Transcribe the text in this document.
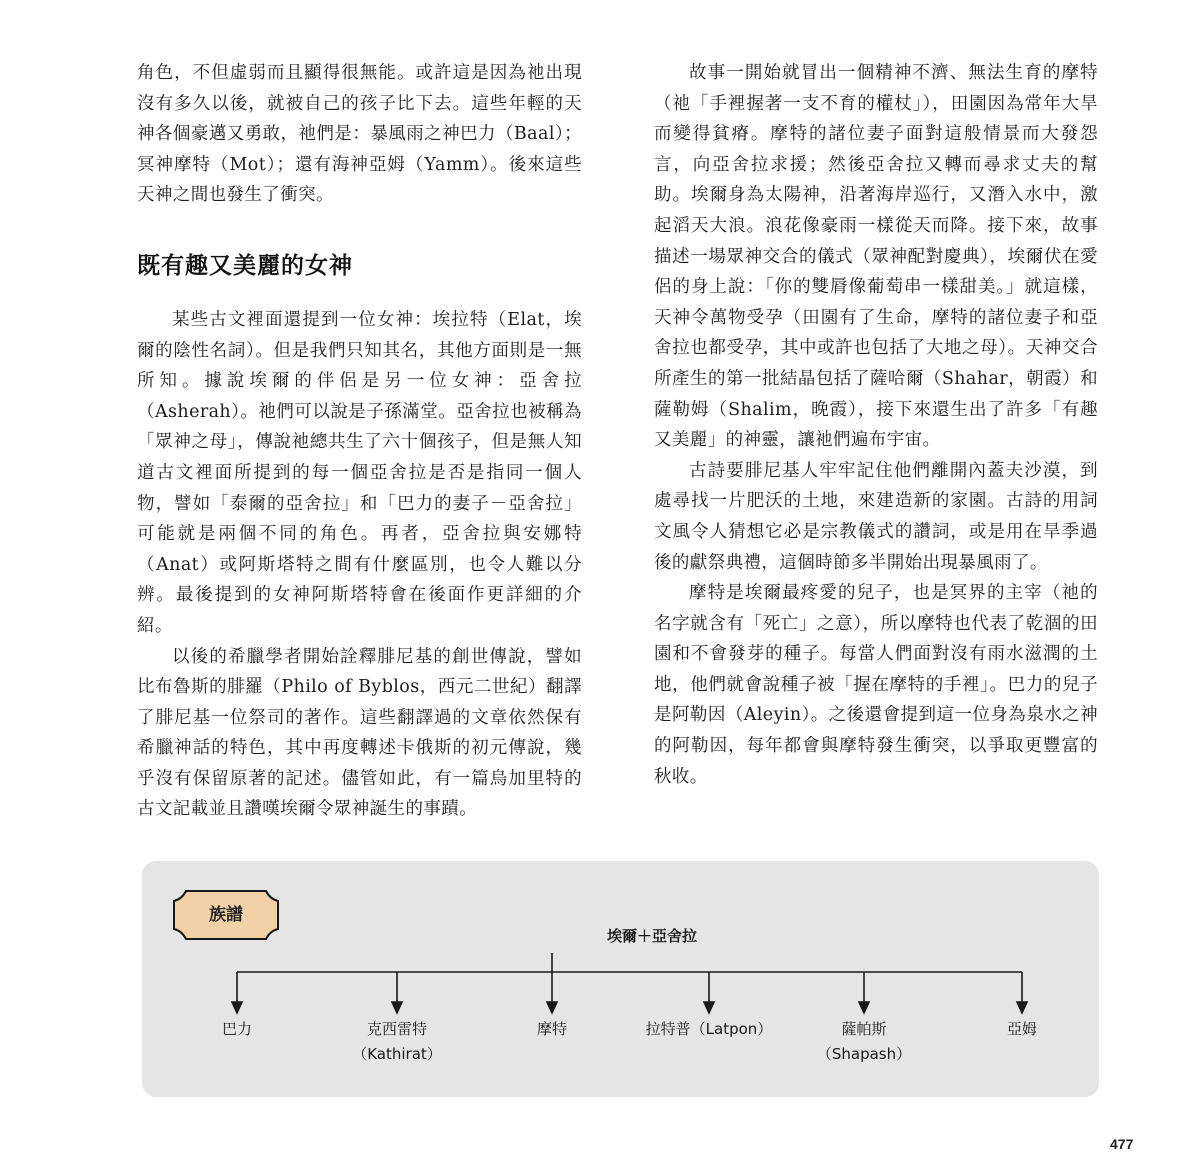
角色，不但虛弱而且顯得很無能。或許這是因為祂出現沒有多久以後，就被自己的孩子比下去。這些年輕的天神各個豪邁又勇敢，祂們是：暴風雨之神巴力（Baal）；冥神摩特（Mot）；還有海神亞姆（Yamm）。後來這些天神之間也發生了衝突。

既有趣又美麗的女神

某些古文裡面還提到一位女神：埃拉特（Elat，埃爾的陰性名詞）。但是我們只知其名，其他方面則是一無所知。據說埃爾的伴侶是另一位女神：亞舍拉（Asherah）。祂們可以說是子孫滿堂。亞舍拉也被稱為「眾神之母」，傳說祂總共生了六十個孩子，但是無人知道古文裡面所提到的每一個亞舍拉是否是指同一個人物，譬如「泰爾的亞舍拉」和「巴力的妻子－亞舍拉」可能就是兩個不同的角色。再者，亞舍拉與安娜特（Anat）或阿斯塔特之間有什麼區別，也令人難以分辨。最後提到的女神阿斯塔特會在後面作更詳細的介紹。

以後的希臘學者開始詮釋腓尼基的創世傳說，譬如比布魯斯的腓羅（Philo of Byblos，西元二世紀）翻譯了腓尼基一位祭司的著作。這些翻譯過的文章依然保有希臘神話的特色，其中再度轉述卡俄斯的初元傳說，幾乎沒有保留原著的記述。儘管如此，有一篇烏加里特的古文記載並且讚嘆埃爾令眾神誕生的事蹟。

故事一開始就冒出一個精神不濟、無法生育的摩特（祂「手裡握著一支不育的權杖」），田園因為常年大旱而變得貧瘠。摩特的諸位妻子面對這般情景而大發怨言，向亞舍拉求援；然後亞舍拉又轉而尋求丈夫的幫助。埃爾身為太陽神，沿著海岸巡行，又潛入水中，激起滔天大浪。浪花像豪雨一樣從天而降。接下來，故事描述一場眾神交合的儀式（眾神配對慶典），埃爾伏在愛侶的身上說：「你的雙脣像葡萄串一樣甜美。」就這樣，天神令萬物受孕（田園有了生命，摩特的諸位妻子和亞舍拉也都受孕，其中或許也包括了大地之母）。天神交合所產生的第一批結晶包括了薩哈爾（Shahar，朝霞）和薩勒姆（Shalim，晚霞），接下來還生出了許多「有趣又美麗」的神靈，讓祂們遍布宇宙。

古詩要腓尼基人牢牢記住他們離開內蓋夫沙漠，到處尋找一片肥沃的土地，來建造新的家園。古詩的用詞文風令人猜想它必是宗教儀式的讚詞，或是用在旱季過後的獻祭典禮，這個時節多半開始出現暴風雨了。

摩特是埃爾最疼愛的兒子，也是冥界的主宰（祂的名字就含有「死亡」之意），所以摩特也代表了乾涸的田園和不會發芽的種子。每當人們面對沒有雨水滋潤的土地，他們就會說種子被「握在摩特的手裡」。巴力的兒子是阿勒因（Aleyin）。之後還會提到這一位身為泉水之神的阿勒因，每年都會與摩特發生衝突，以爭取更豐富的秋收。

族譜
埃爾＋亞舍拉
巴力	克西雷特
（Kathirat）
摩特	拉特普（Latpon）	薩帕斯
（Shapash）
亞姆
477
